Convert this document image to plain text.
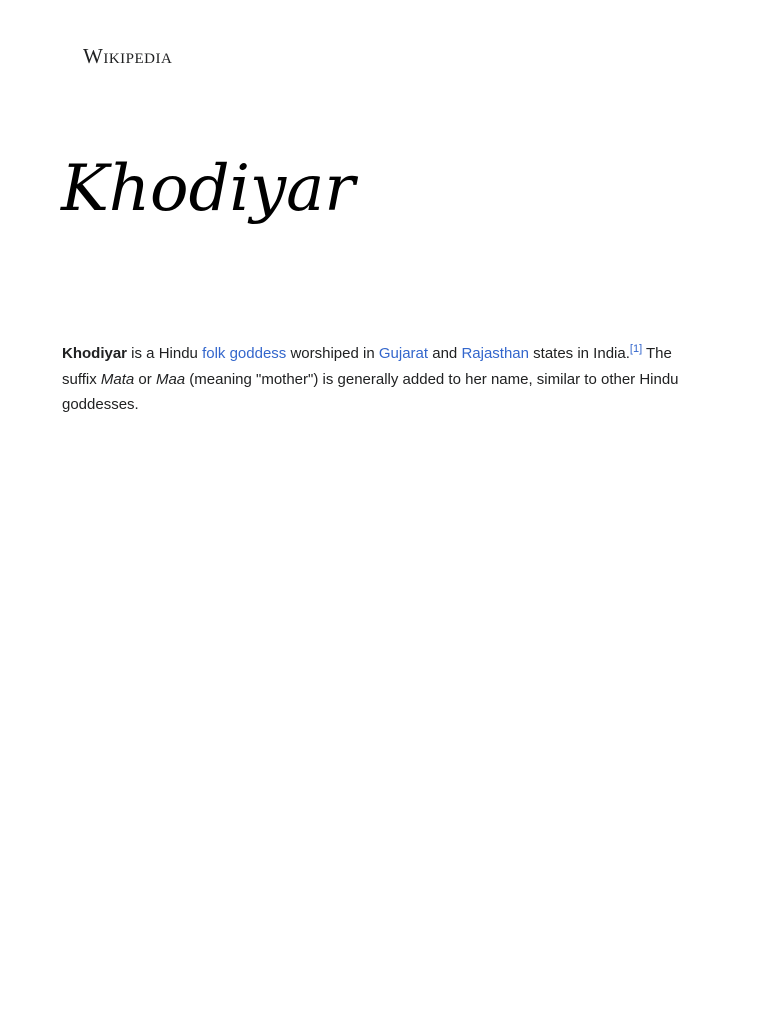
Wikipedia
Khodiyar

Khodiyar is a Hindu folk goddess worshiped in Gujarat and Rajasthan states in India.[1] The suffix Mata or Maa (meaning "mother") is generally added to her name, similar to other Hindu goddesses.
